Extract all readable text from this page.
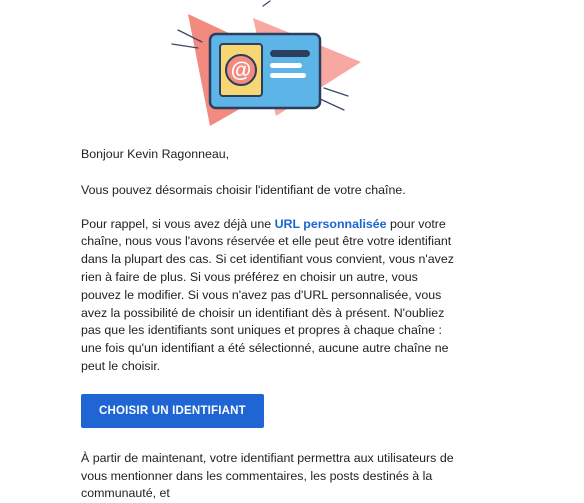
@

Bonjour Kevin Ragonneau,

Vous pouvez désormais choisir l'identifiant de votre chaîne.

Pour rappel, si vous avez déjà une URL personnalisée pour votre chaîne, nous vous l'avons réservée et elle peut être votre identifiant dans la plupart des cas. Si cet identifiant vous convient, vous n'avez rien à faire de plus. Si vous préférez en choisir un autre, vous pouvez le modifier. Si vous n'avez pas d'URL personnalisée, vous avez la possibilité de choisir un identifiant dès à présent. N'oubliez pas que les identifiants sont uniques et propres à chaque chaîne : une fois qu'un identifiant a été sélectionné, aucune autre chaîne ne peut le choisir.

CHOISIR UN IDENTIFIANT

À partir de maintenant, votre identifiant permettra aux utilisateurs de vous mentionner dans les commentaires, les posts destinés à la communauté, et
